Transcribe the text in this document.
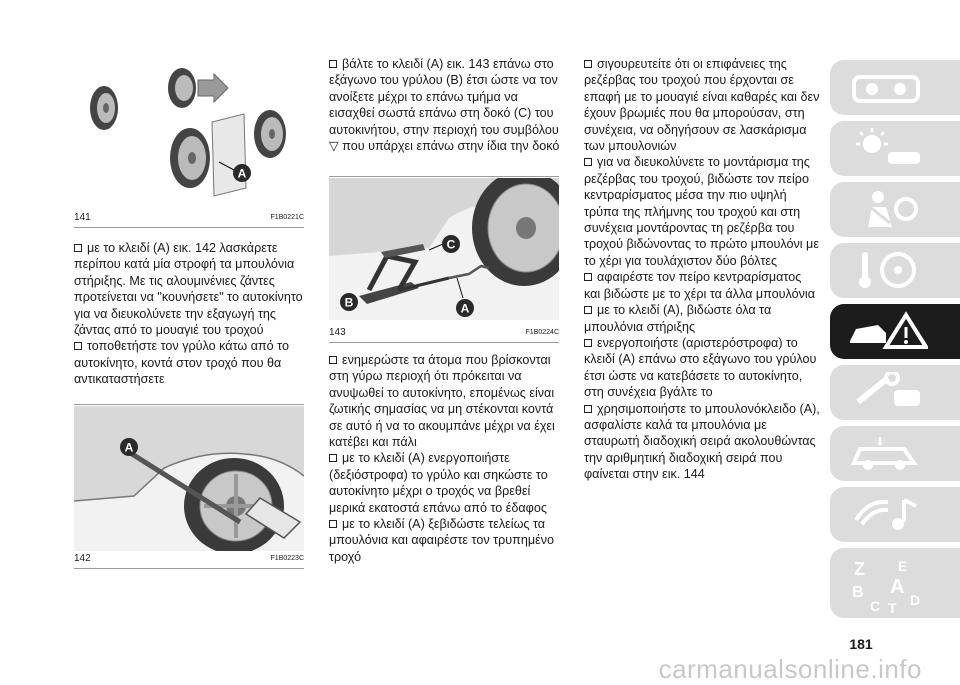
A
141	F1B0221C

με το κλειδί (A) εικ. 142 λασκάρετε περίπου κατά μία στροφή τα μπουλόνια στήριξης. Με τις αλουμινένιες ζάντες προτείνεται να "κουνήσετε" το αυτοκίνητο για να διευκολύνετε την εξαγωγή της ζάντας από το μουαγιέ του τροχού

τοποθετήστε τον γρύλο κάτω από το αυτοκίνητο, κοντά στον τροχό που θα αντικαταστήσετε

A
142	F1B0223C

βάλτε το κλειδί (A) εικ. 143 επάνω στο εξάγωνο του γρύλου (B) έτσι ώστε να τον ανοίξετε μέχρι το επάνω τμήμα να εισαχθεί σωστά επάνω στη δοκό (C) του αυτοκινήτου, στην περιοχή του συμβόλου ▽ που υπάρχει επάνω στην ίδια την δοκό

C
B	A
143	F1B0224C

ενημερώστε τα άτομα που βρίσκονται στη γύρω περιοχή ότι πρόκειται να ανυψωθεί το αυτοκίνητο, επομένως είναι ζωτικής σημασίας να μη στέκονται κοντά σε αυτό ή να το ακουμπάνε μέχρι να έχει κατέβει και πάλι

με το κλειδί (A) ενεργοποιήστε (δεξιόστροφα) το γρύλο και σηκώστε το αυτοκίνητο μέχρι ο τροχός να βρεθεί μερικά εκατοστά επάνω από το έδαφος

με το κλειδί (A) ξεβιδώστε τελείως τα μπουλόνια και αφαιρέστε τον τρυπημένο τροχό

σιγουρευτείτε ότι οι επιφάνειες της ρεζέρβας του τροχού που έρχονται σε επαφή με το μουαγιέ είναι καθαρές και δεν έχουν βρωμιές που θα μπορούσαν, στη συνέχεια, να οδηγήσουν σε λασκάρισμα των μπουλονιών

για να διευκολύνετε το μοντάρισμα της ρεζέρβας του τροχού, βιδώστε τον πείρο κεντραρίσματος μέσα την πιο υψηλή τρύπα της πλήμνης του τροχού και στη συνέχεια μοντάροντας τη ρεζέρβα του τροχού βιδώνοντας το πρώτο μπουλόνι με το χέρι για τουλάχιστον δύο βόλτες

αφαιρέστε τον πείρο κεντραρίσματος και βιδώστε με το χέρι τα άλλα μπουλόνια

με το κλειδί (A), βιδώστε όλα τα μπουλόνια στήριξης

ενεργοποιήστε (αριστερόστροφα) το κλειδί (A) επάνω στο εξάγωνο του γρύλου έτσι ώστε να κατεβάσετε το αυτοκίνητο, στη συνέχεια βγάλτε το

χρησιμοποιήστε το μπουλονόκλειδο (A), ασφαλίστε καλά τα μπουλόνια με σταυρωτή διαδοχική σειρά ακολουθώντας την αριθμητική διαδοχική σειρά που φαίνεται στην εικ. 144

Z E
B A
C T D
181
carmanualsonline.info
